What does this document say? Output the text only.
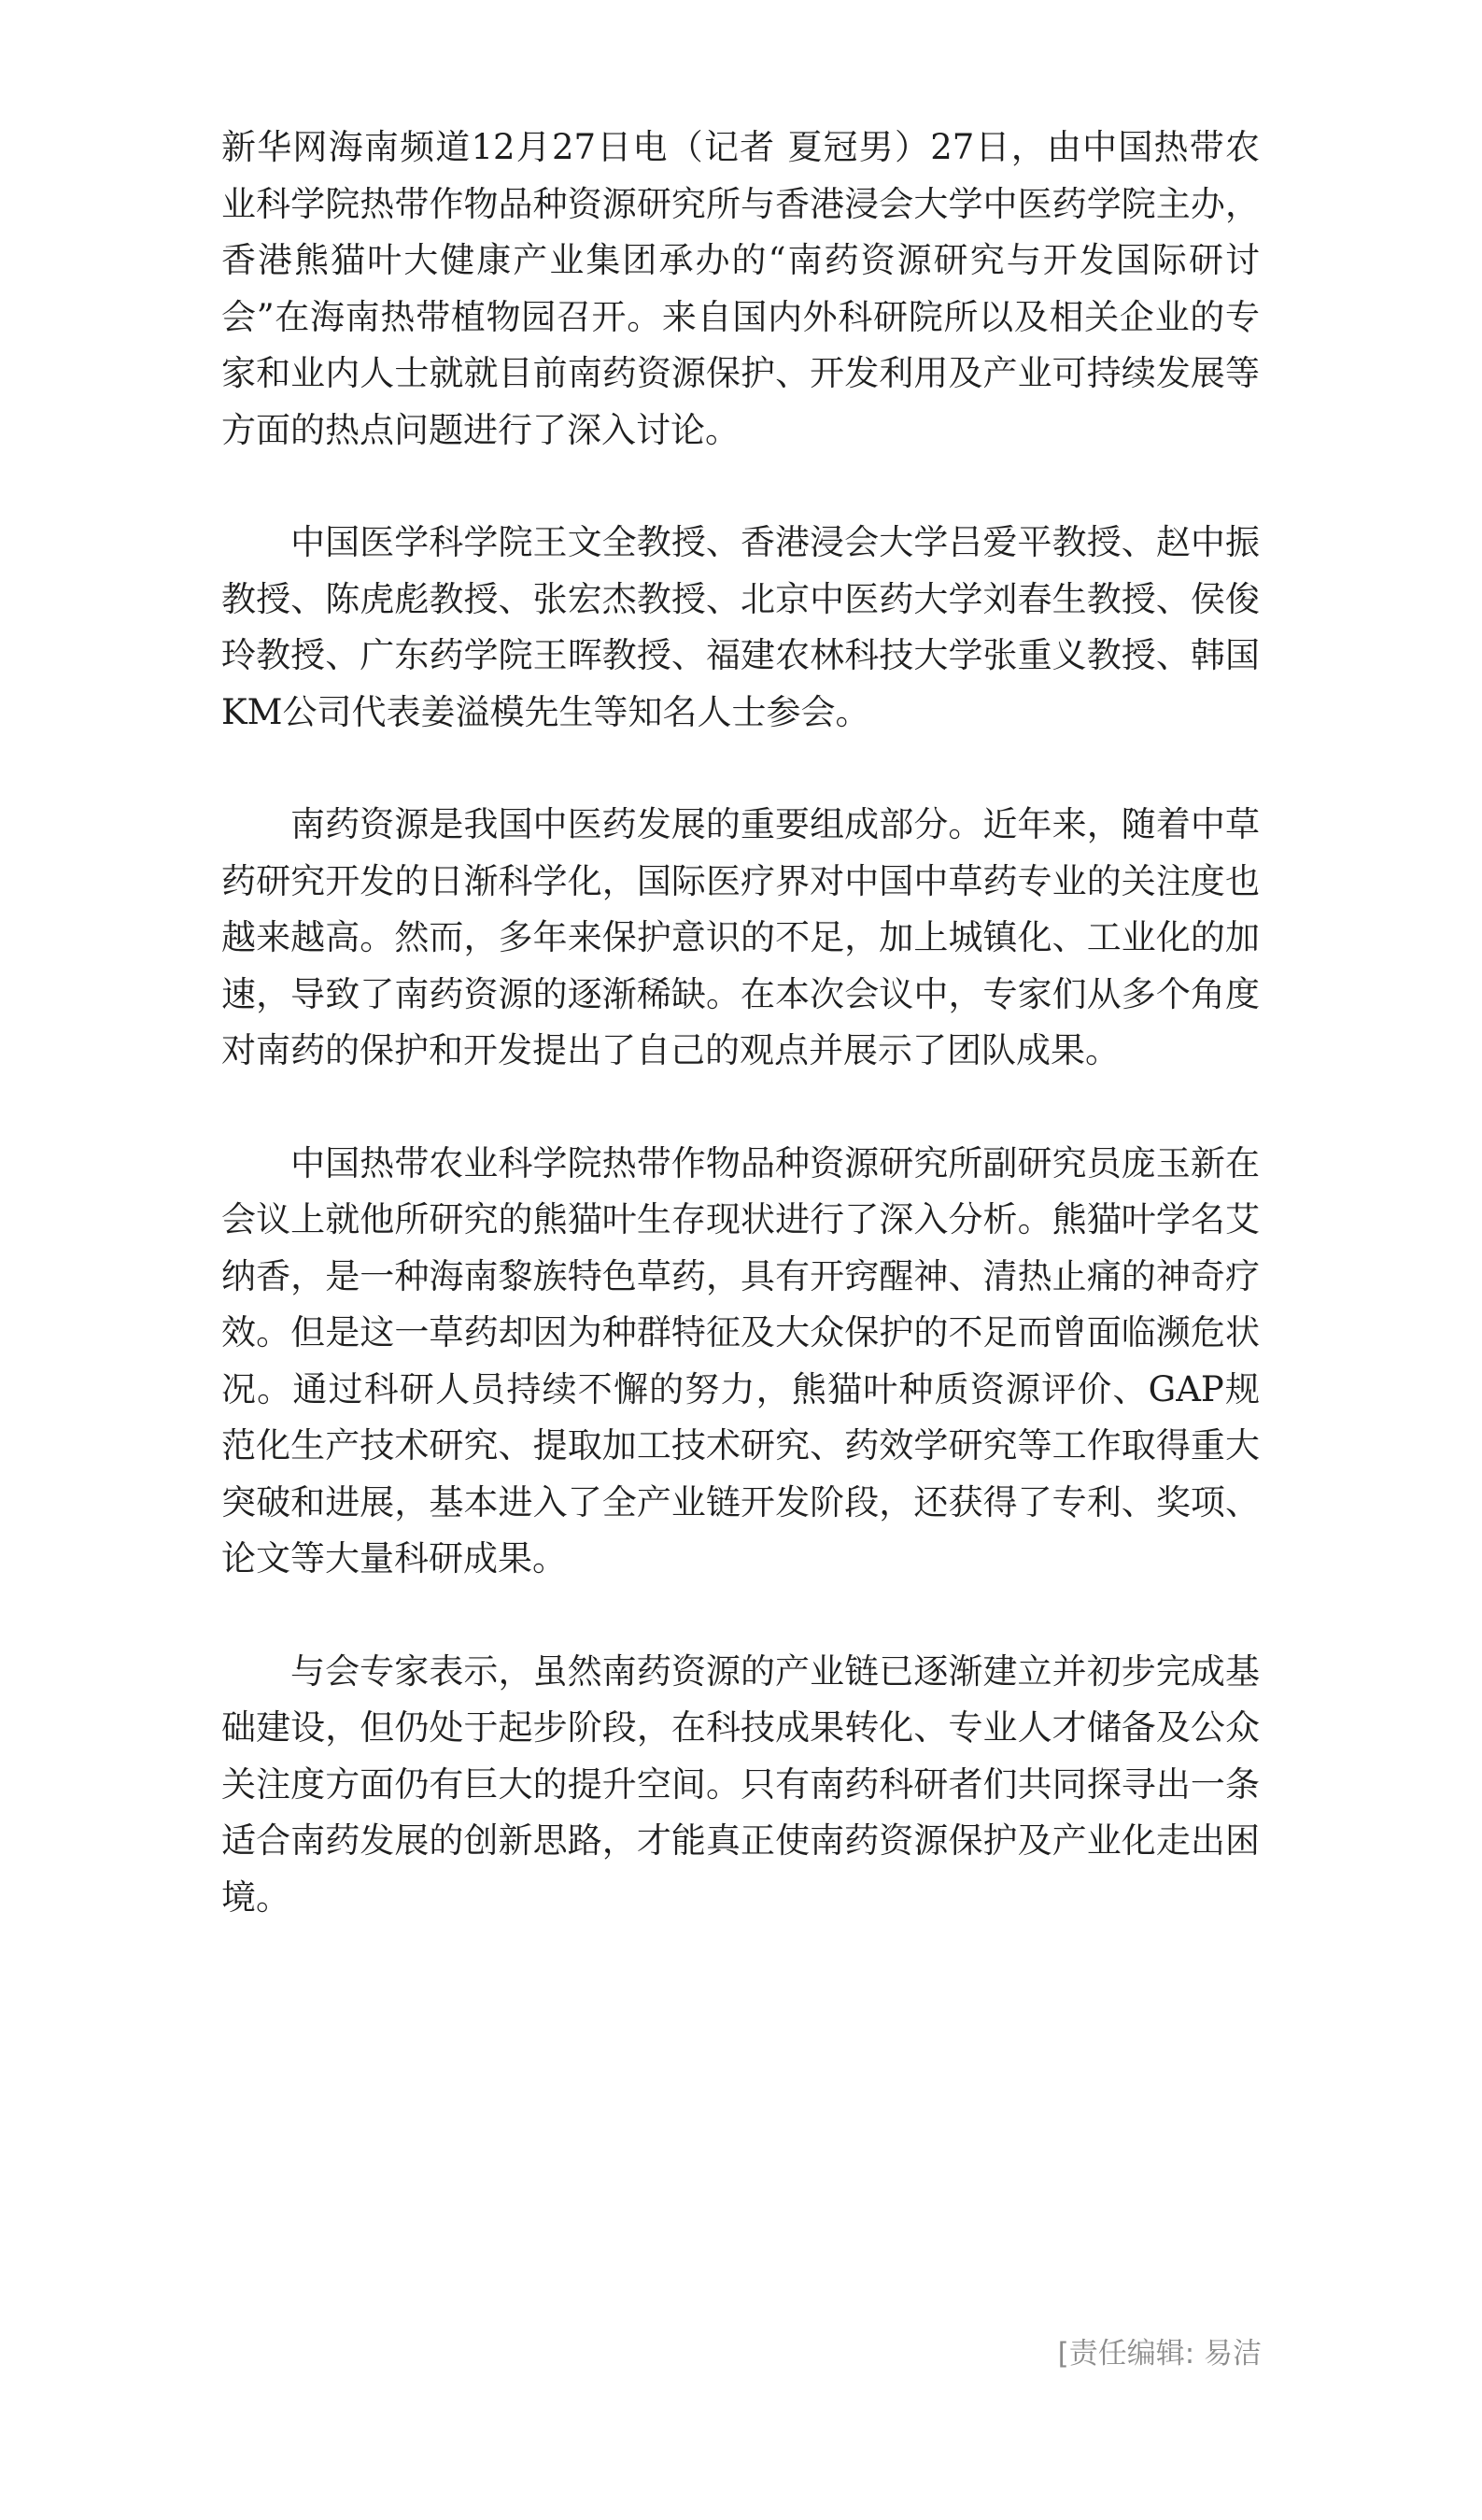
新华网海南频道12月27日电（记者 夏冠男）27日，由中国热带农业科学院热带作物品种资源研究所与香港浸会大学中医药学院主办，香港熊猫叶大健康产业集团承办的“南药资源研究与开发国际研讨会”在海南热带植物园召开。来自国内外科研院所以及相关企业的专家和业内人士就就目前南药资源保护、开发利用及产业可持续发展等方面的热点问题进行了深入讨论。

中国医学科学院王文全教授、香港浸会大学吕爱平教授、赵中振教授、陈虎彪教授、张宏杰教授、北京中医药大学刘春生教授、侯俊玲教授、广东药学院王晖教授、福建农林科技大学张重义教授、韩国KM公司代表姜溢模先生等知名人士参会。

南药资源是我国中医药发展的重要组成部分。近年来，随着中草药研究开发的日渐科学化，国际医疗界对中国中草药专业的关注度也越来越高。然而，多年来保护意识的不足，加上城镇化、工业化的加速，导致了南药资源的逐渐稀缺。在本次会议中，专家们从多个角度对南药的保护和开发提出了自己的观点并展示了团队成果。

中国热带农业科学院热带作物品种资源研究所副研究员庞玉新在会议上就他所研究的熊猫叶生存现状进行了深入分析。熊猫叶学名艾纳香，是一种海南黎族特色草药，具有开窍醒神、清热止痛的神奇疗效。但是这一草药却因为种群特征及大众保护的不足而曾面临濒危状况。通过科研人员持续不懈的努力，熊猫叶种质资源评价、GAP规范化生产技术研究、提取加工技术研究、药效学研究等工作取得重大突破和进展，基本进入了全产业链开发阶段，还获得了专利、奖项、论文等大量科研成果。

与会专家表示，虽然南药资源的产业链已逐渐建立并初步完成基础建设，但仍处于起步阶段，在科技成果转化、专业人才储备及公众关注度方面仍有巨大的提升空间。只有南药科研者们共同探寻出一条适合南药发展的创新思路，才能真正使南药资源保护及产业化走出困境。

[责任编辑: 易洁
